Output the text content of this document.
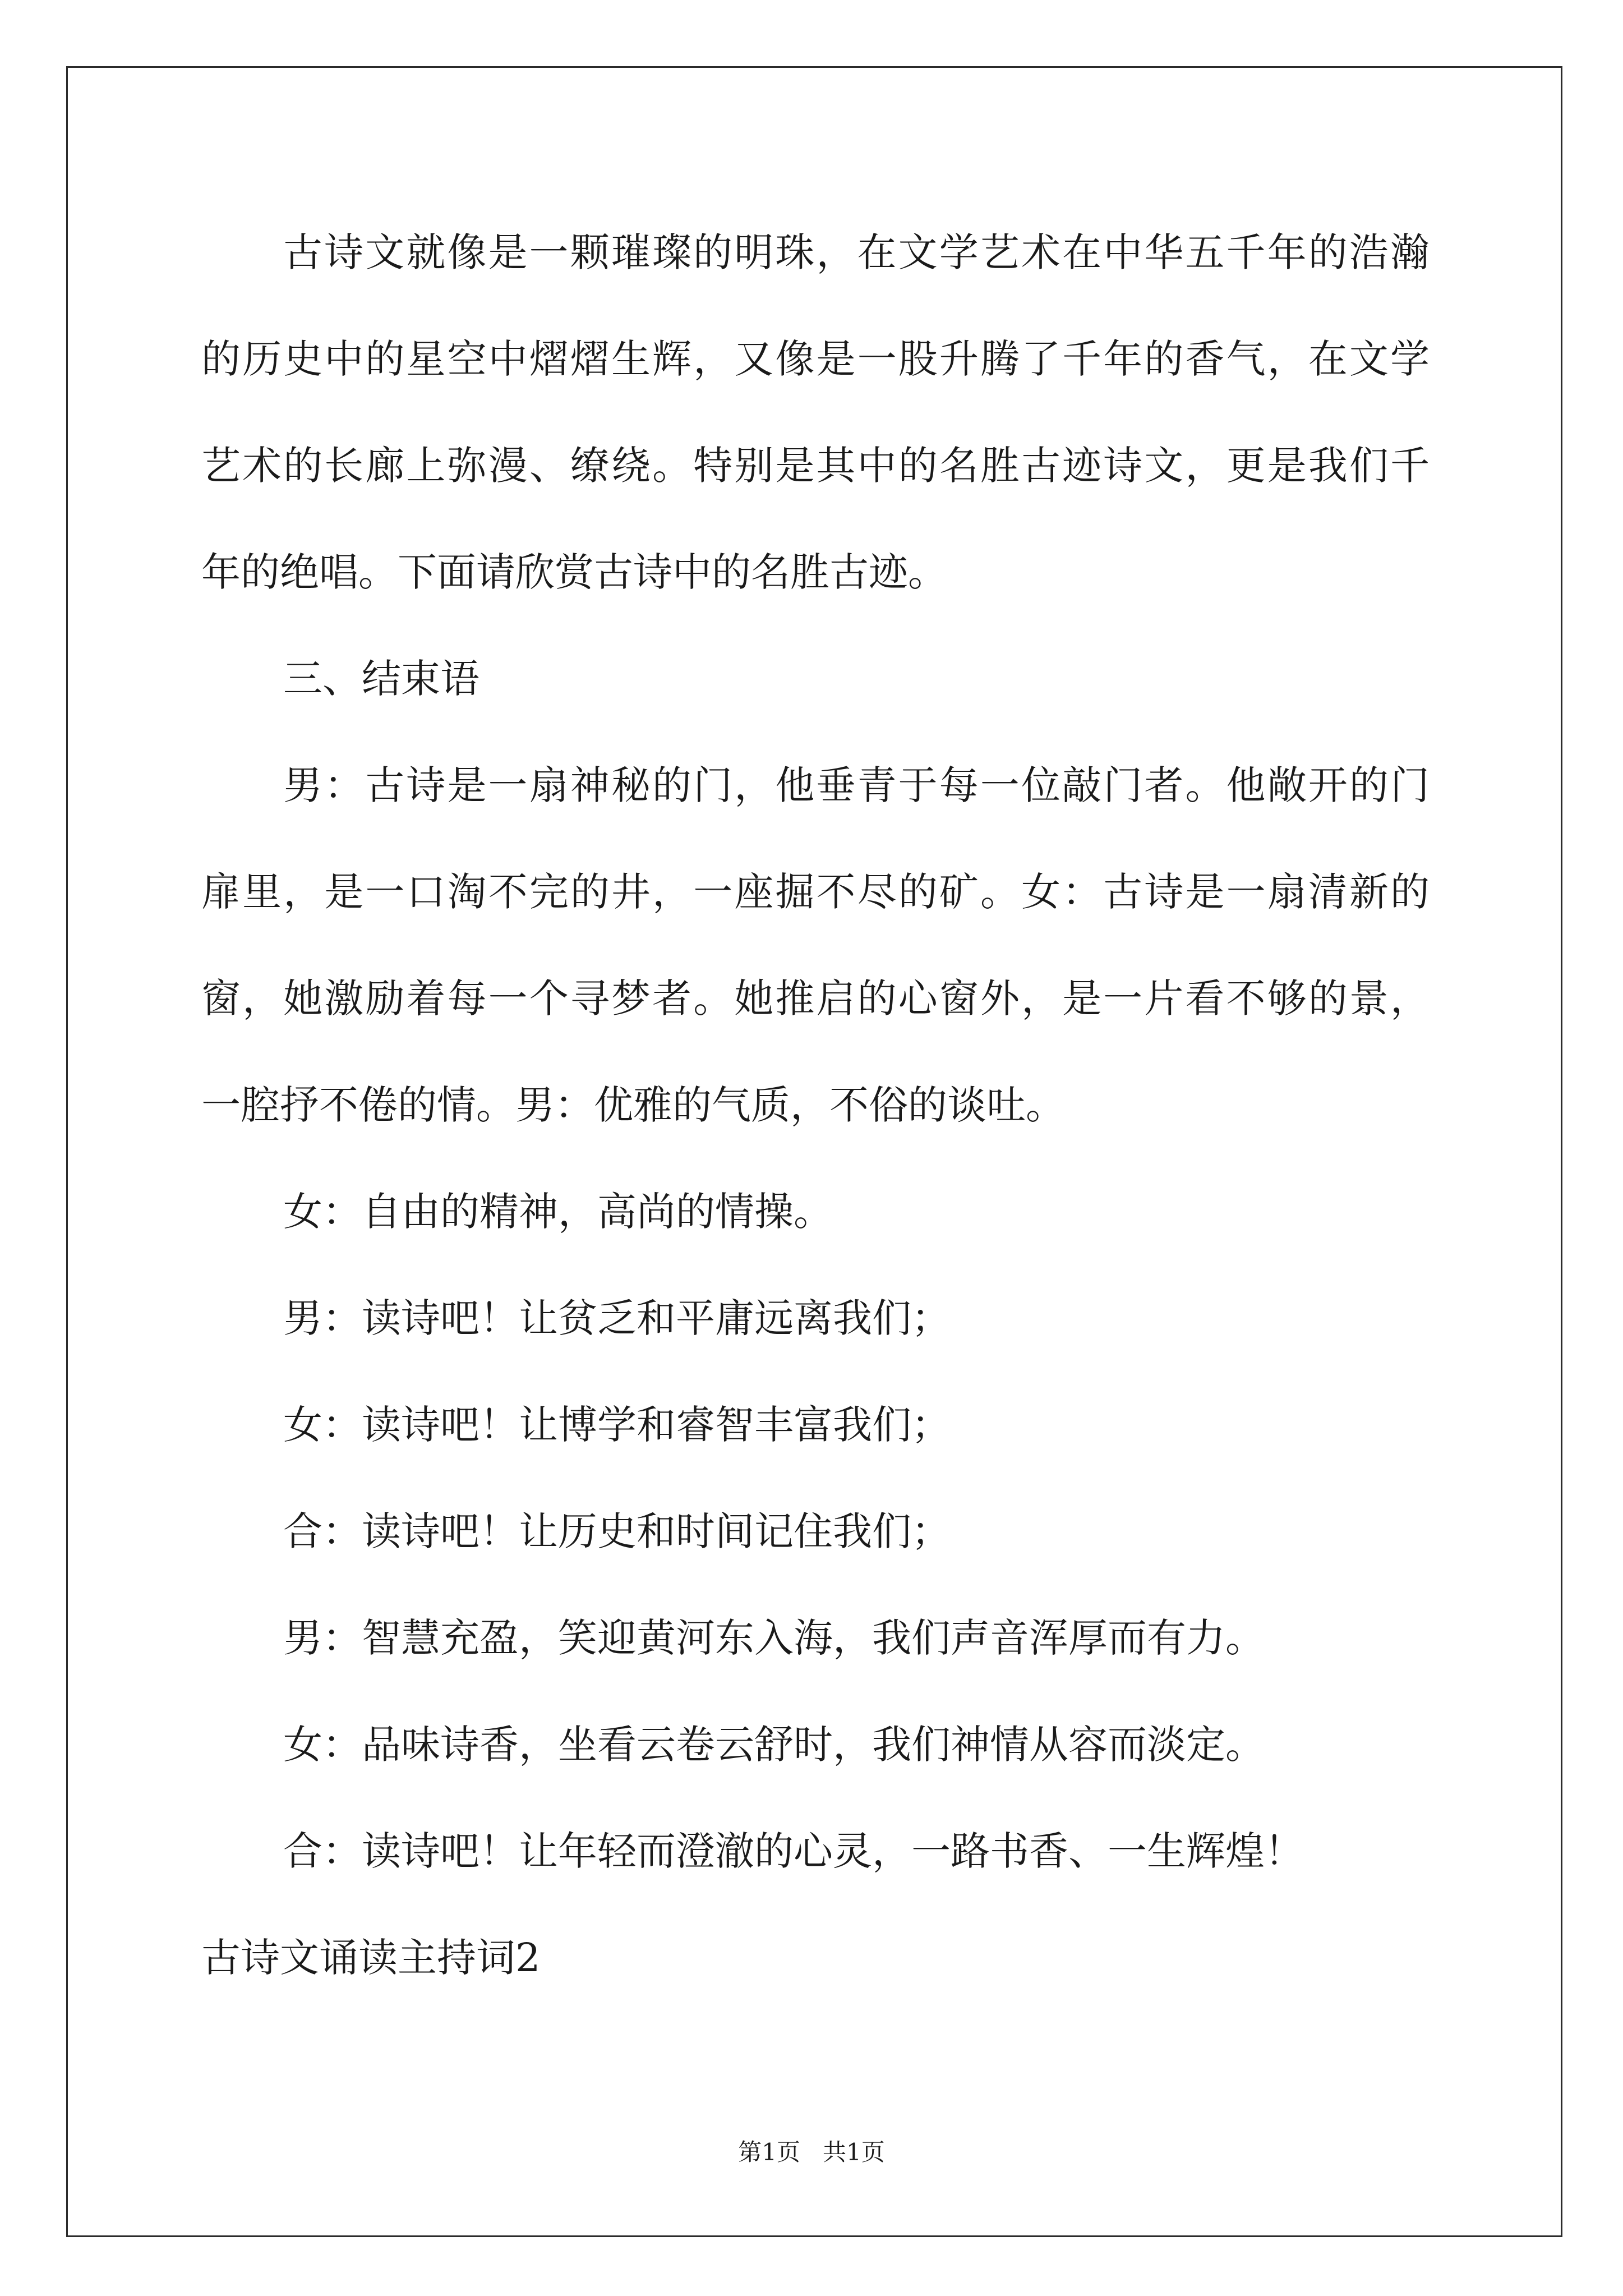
古诗文就像是一颗璀璨的明珠，在文学艺术在中华五千年的浩瀚
的历史中的星空中熠熠生辉，又像是一股升腾了千年的香气，在文学
艺术的长廊上弥漫、缭绕。特别是其中的名胜古迹诗文，更是我们千
年的绝唱。下面请欣赏古诗中的名胜古迹。
三、结束语
男：古诗是一扇神秘的门，他垂青于每一位敲门者。他敞开的门
扉里，是一口淘不完的井，一座掘不尽的矿。女：古诗是一扇清新的
窗，她激励着每一个寻梦者。她推启的心窗外，是一片看不够的景，
一腔抒不倦的情。男：优雅的气质，不俗的谈吐。
女：自由的精神，高尚的情操。
男：读诗吧！让贫乏和平庸远离我们；
女：读诗吧！让博学和睿智丰富我们；
合：读诗吧！让历史和时间记住我们；
男：智慧充盈，笑迎黄河东入海，我们声音浑厚而有力。
女：品味诗香，坐看云卷云舒时，我们神情从容而淡定。
合：读诗吧！让年轻而澄澈的心灵，一路书香、一生辉煌！
古诗文诵读主持词2
第1页   共1页
